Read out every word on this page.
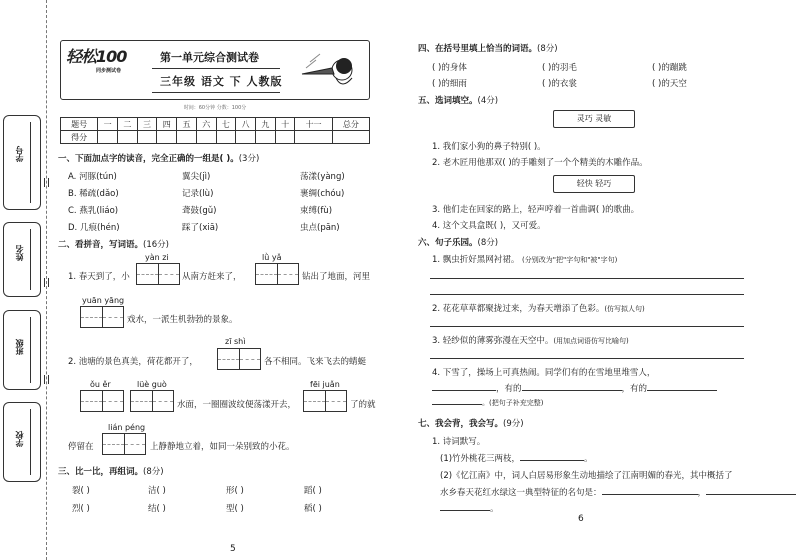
学号
姓名
班级
学校
轻松100
同步测试卷
第一单元综合测试卷
三年级 语文 下 人教版
时间：60分钟 分数：100分
题号	一	二	三	四	五	六	七	八	九	十	十一	总分
得分												
一、下面加点字的读音，完全正确的一组是( )。(3分)
A. 河豚(tún)	翼尖(jì)	荡漾(yàng)
B. 稀疏(dǎo)	记录(lù)	裹绸(chóu)
C. 燕乳(liáo)	聋鼓(gǔ)	束缚(fù)
D. 几痕(hén)	踩了(xiā)	虫点(pān)
二、看拼音，写词语。(16分)
yàn zi	lǜ yǎ
1. 春天到了，小	从南方赶来了，	钻出了地面，河里
yuān yāng
戏水，一派生机勃勃的景象。
zī shì
2. 池塘的景色真美，荷花都开了，	各不相同。飞来飞去的蜻蜓
ǒu ěr	lüè guò	fēi juǎn
水面，一圈圈波纹便荡漾开去，	了的就
lián péng
停留在	上静静地立着，如同一朵别致的小花。
三、比一比，再组词。(8分)
裂( )	洁( )	形( )	蹈( )
烈( )	结( )	型( )	稻( )
5
四、在括号里填上恰当的词语。(8分)
( )的身体	( )的羽毛	( )的蹦跳
( )的细雨	( )的衣裳	( )的天空
五、选词填空。(4分)
灵巧 灵敏
1. 我们家小狗的鼻子特别( )。
2. 老木匠用他那双( )的手雕刻了一个个精美的木雕作品。
轻快 轻巧
3. 他们走在回家的路上，轻声哼着一首曲调( )的歌曲。
4. 这个文具盒既( )，又可爱。
六、句子乐园。(8分)
1. 飘虫折好黑网衬裙。 (分别改为"把"字句和"被"字句)
2. 花花草草都聚拢过来，为春天增添了色彩。(仿写拟人句)
3. 轻纱似的薄雾弥漫在天空中。(用加点词语仿写比喻句)
4. 下雪了，操场上可真热闹。同学们有的在雪地里堆雪人，
，有的	，有的
。(把句子补充完整)
七、我会背，我会写。(9分)
1. 诗词默写。
(1)竹外桃花三两枝，	。
(2)《忆江南》中，词人白居易形象生动地描绘了江南明媚的春光，其中概括了
水乡春天花红水绿这一典型特征的名句是：	，
。
6
